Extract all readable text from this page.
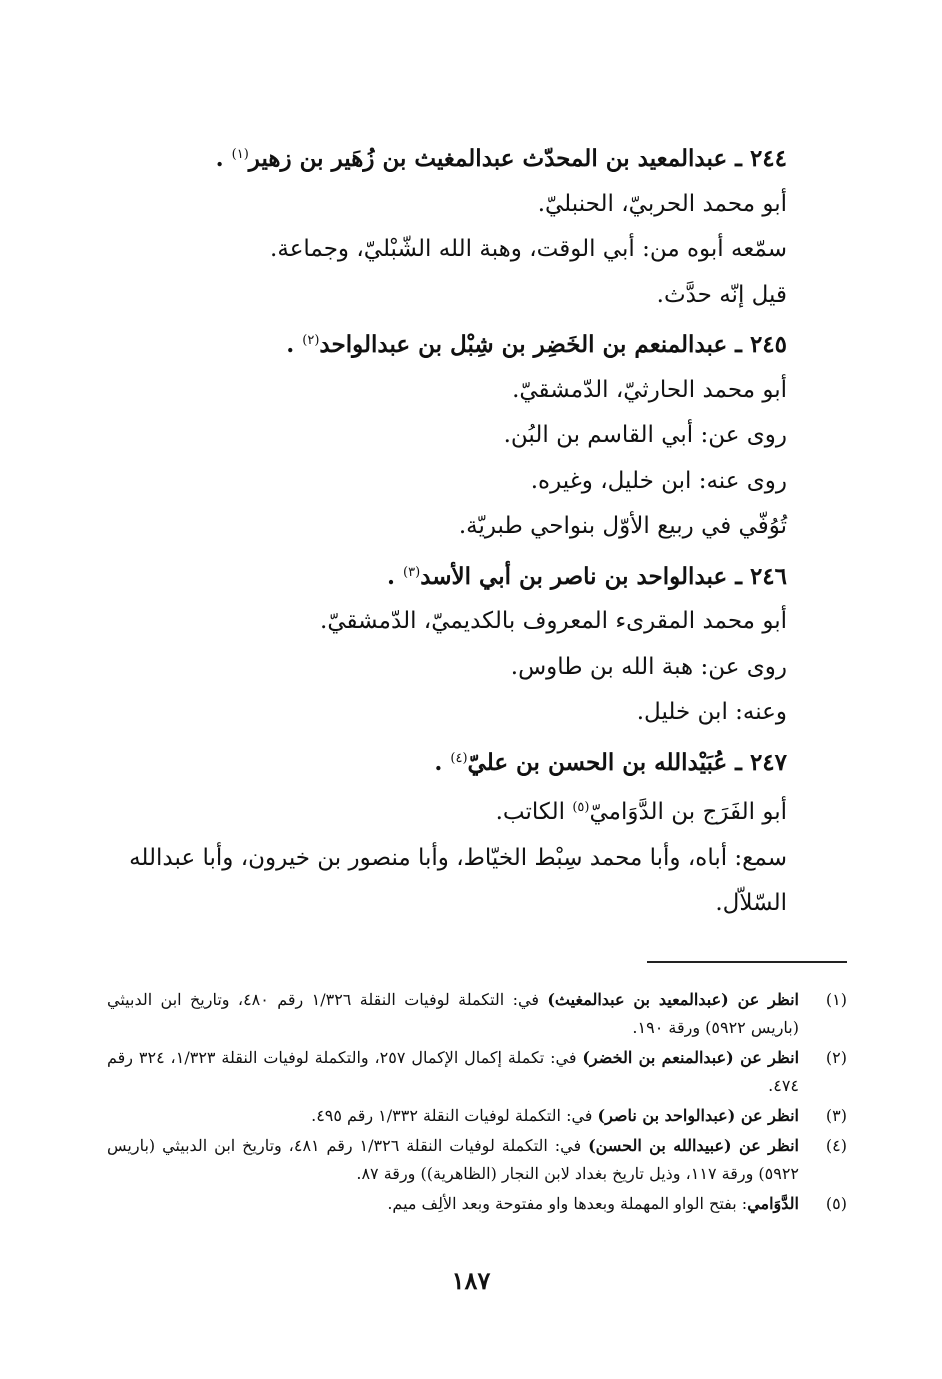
٢٤٤ ـ عبدالمعيد بن المحدّث عبدالمغيث بن زُهَير بن زهير$^{(١)}$ .
أبو محمد الحربيّ، الحنبليّ.
سمّعه أبوه من: أبي الوقت، وهبة الله الشّبْليّ، وجماعة.
قيل إنّه حدَّث.
٢٤٥ ـ عبدالمنعم بن الخَضِر بن شِبْل بن عبدالواحد$^{(٢)}$ .
أبو محمد الحارثيّ، الدّمشقيّ.
روى عن: أبي القاسم بن البُن.
روى عنه: ابن خليل، وغيره.
تُوُفّي في ربيع الأوّل بنواحي طبريّة.
٢٤٦ ـ عبدالواحد بن ناصر بن أبي الأسد$^{(٣)}$ .
أبو محمد المقرىء المعروف بالكديميّ، الدّمشقيّ.
روى عن: هبة الله بن طاوس.
وعنه: ابن خليل.
٢٤٧ ـ عُبَيْدالله بن الحسن بن عليّ$^{(٤)}$ .
أبو الفَرَج بن الدَّوَاميّ$^{(٥)}$ الكاتب.
سمع: أباه، وأبا محمد سِبْط الخيّاط، وأبا منصور بن خيرون، وأبا عبدالله السّلاّل.
(١)
انظر عن (عبدالمعيد بن عبدالمغيث) في: التكملة لوفيات النقلة ١/٣٢٦ رقم ٤٨٠، وتاريخ ابن الدبيثي (باريس ٥٩٢٢) ورقة ١٩٠.
(٢)
انظر عن (عبدالمنعم بن الخضر) في: تكملة إكمال الإكمال ٢٥٧، والتكملة لوفيات النقلة ١/٣٢٣، ٣٢٤ رقم ٤٧٤.
(٣)
انظر عن (عبدالواحد بن ناصر) في: التكملة لوفيات النقلة ١/٣٣٢ رقم ٤٩٥.
(٤)
انظر عن (عبيدالله بن الحسن) في: التكملة لوفيات النقلة ١/٣٢٦ رقم ٤٨١، وتاريخ ابن الدبيثي (باريس ٥٩٢٢) ورقة ١١٧، وذيل تاريخ بغداد لابن النجار (الظاهرية)) ورقة ٨٧.
(٥)
الدَّوَامي: بفتح الواو المهملة وبعدها واو مفتوحة وبعد الألِف ميم.
١٨٧
